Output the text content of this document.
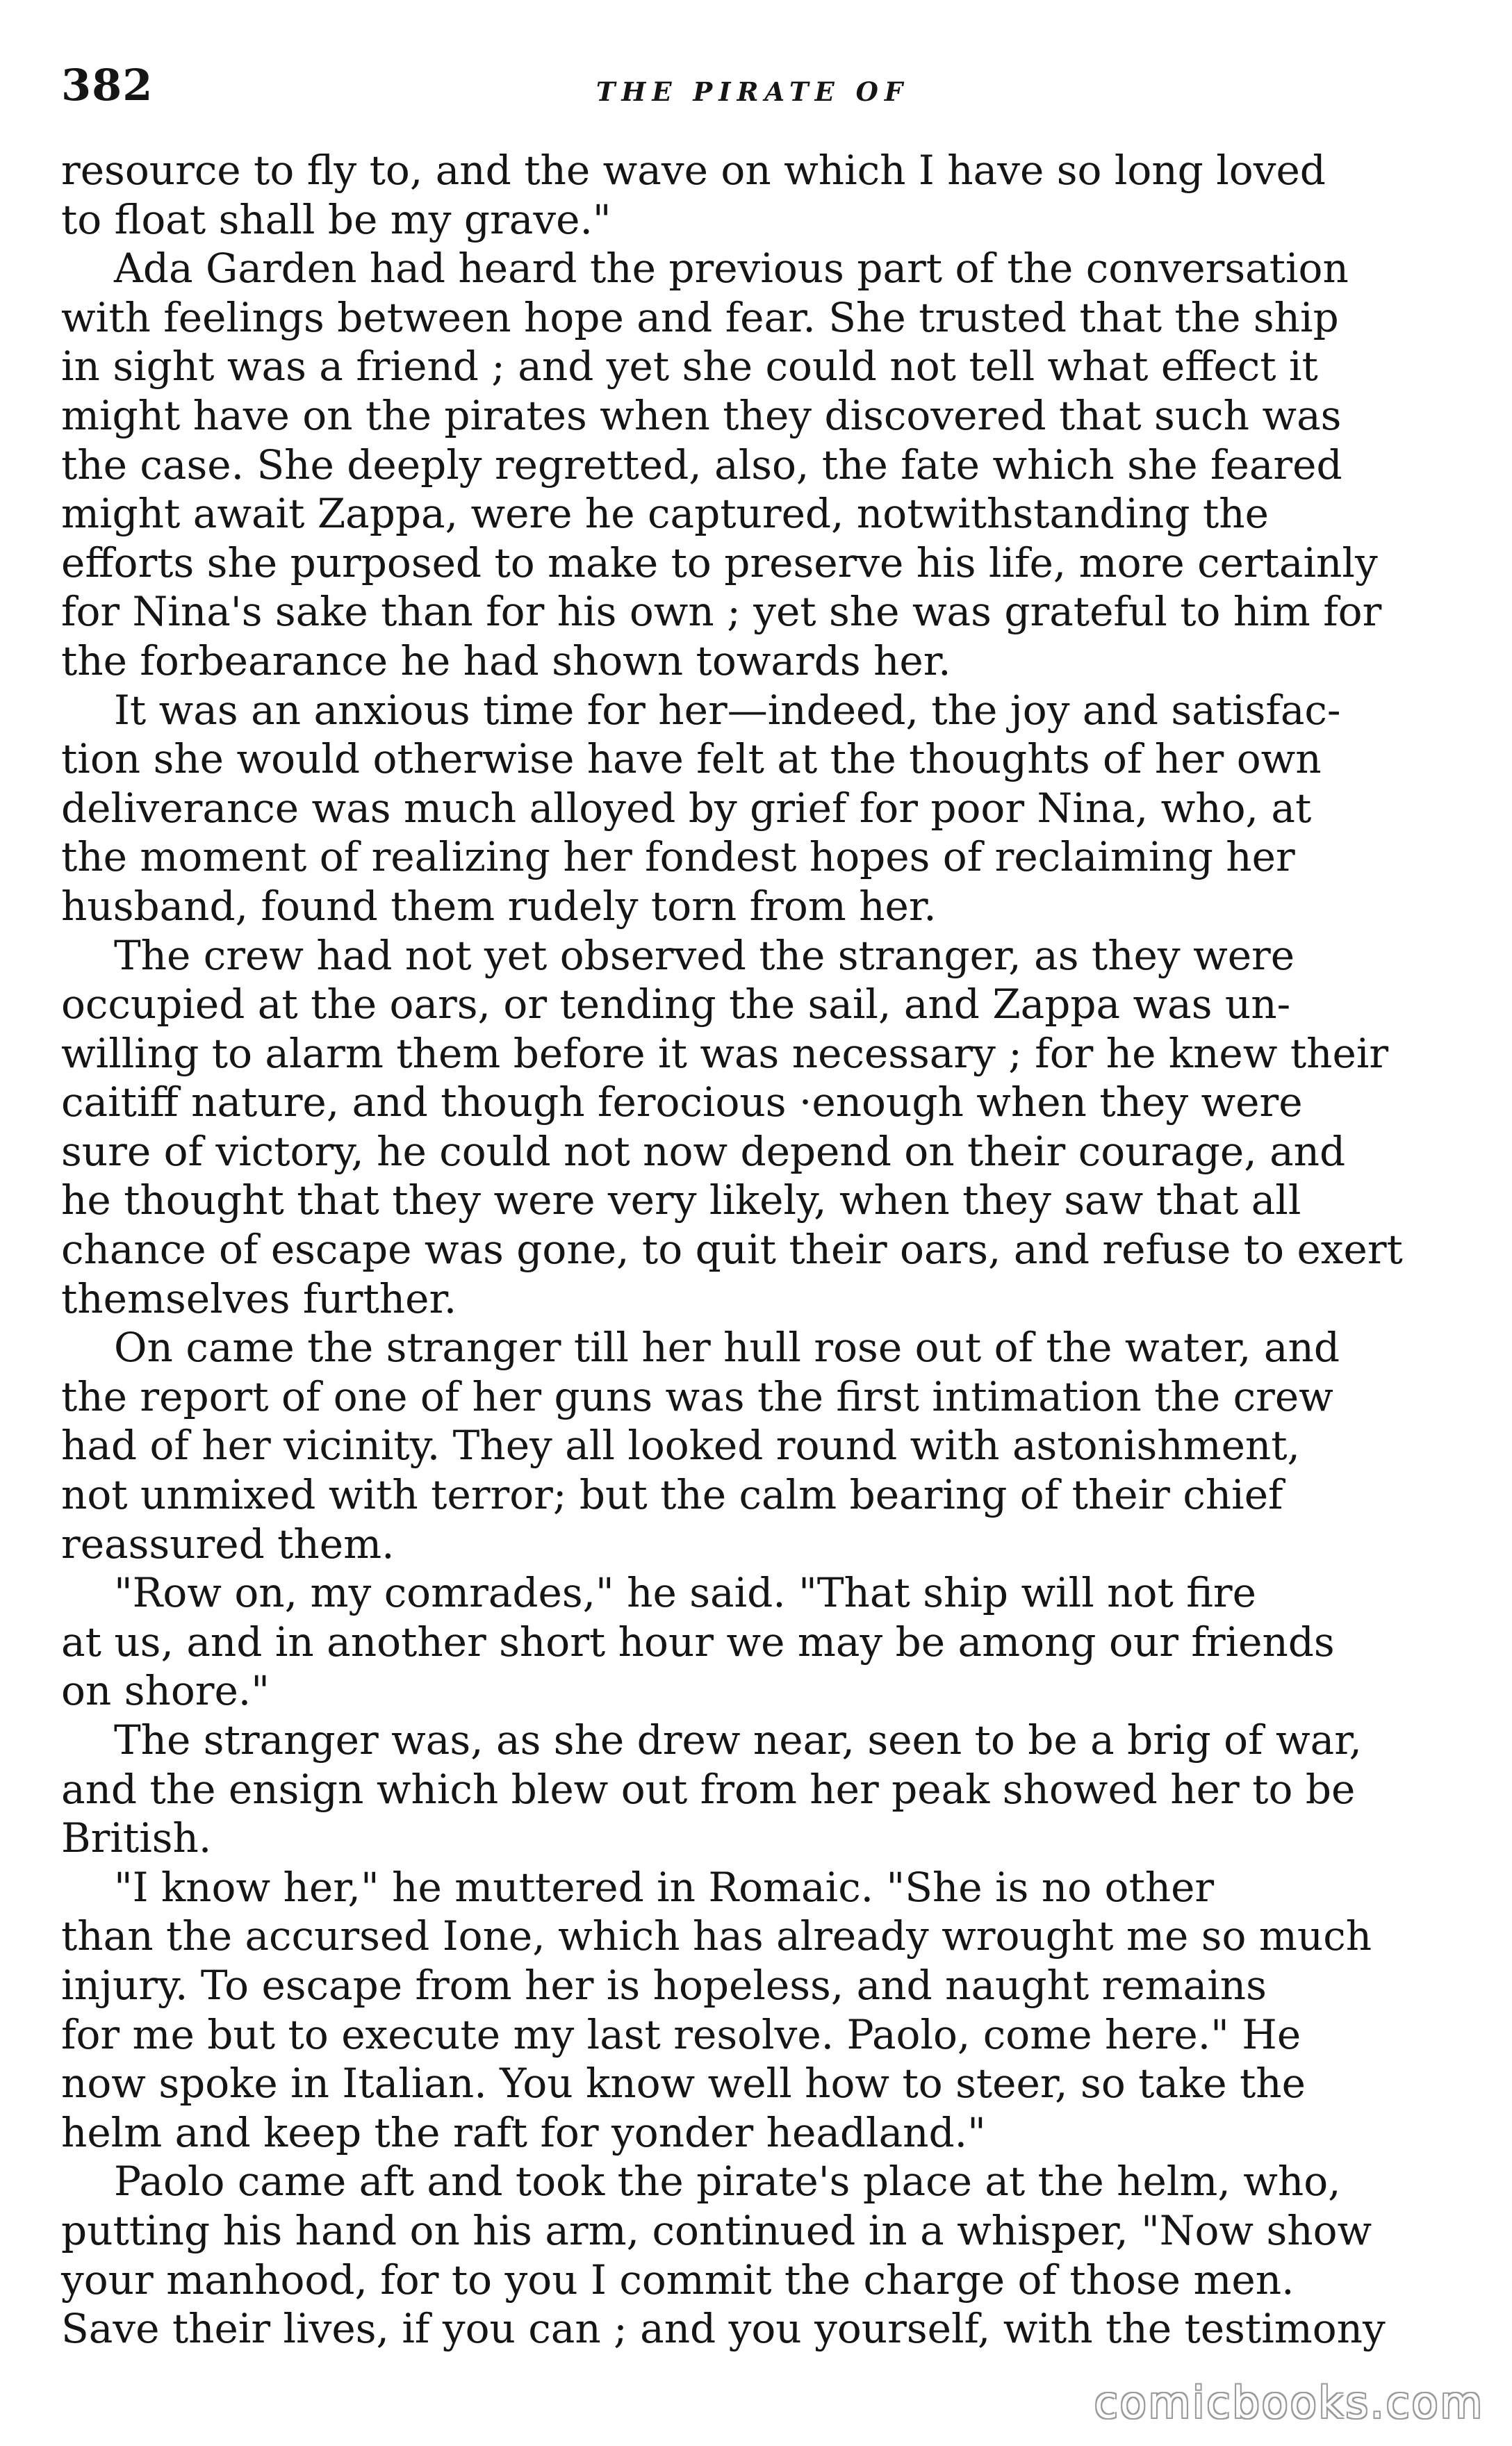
382	THE PIRATE OF
resource to fly to, and the wave on which I have so long loved
to float shall be my grave."
Ada Garden had heard the previous part of the conversation
with feelings between hope and fear. She trusted that the ship
in sight was a friend ; and yet she could not tell what effect it
might have on the pirates when they discovered that such was
the case. She deeply regretted, also, the fate which she feared
might await Zappa, were he captured, notwithstanding the
efforts she purposed to make to preserve his life, more certainly
for Nina's sake than for his own ; yet she was grateful to him for
the forbearance he had shown towards her.
It was an anxious time for her—indeed, the joy and satisfac-
tion she would otherwise have felt at the thoughts of her own
deliverance was much alloyed by grief for poor Nina, who, at
the moment of realizing her fondest hopes of reclaiming her
husband, found them rudely torn from her.
The crew had not yet observed the stranger, as they were
occupied at the oars, or tending the sail, and Zappa was un-
willing to alarm them before it was necessary ; for he knew their
caitiff nature, and though ferocious ·enough when they were
sure of victory, he could not now depend on their courage, and
he thought that they were very likely, when they saw that all
chance of escape was gone, to quit their oars, and refuse to exert
themselves further.
On came the stranger till her hull rose out of the water, and
the report of one of her guns was the first intimation the crew
had of her vicinity. They all looked round with astonishment,
not unmixed with terror; but the calm bearing of their chief
reassured them.
"Row on, my comrades," he said. "That ship will not fire
at us, and in another short hour we may be among our friends
on shore."
The stranger was, as she drew near, seen to be a brig of war,
and the ensign which blew out from her peak showed her to be
British.
"I know her," he muttered in Romaic. "She is no other
than the accursed Ione, which has already wrought me so much
injury. To escape from her is hopeless, and naught remains
for me but to execute my last resolve. Paolo, come here." He
now spoke in Italian. You know well how to steer, so take the
helm and keep the raft for yonder headland."
Paolo came aft and took the pirate's place at the helm, who,
putting his hand on his arm, continued in a whisper, "Now show
your manhood, for to you I commit the charge of those men.
Save their lives, if you can ; and you yourself, with the testimony
comicbooks.com
